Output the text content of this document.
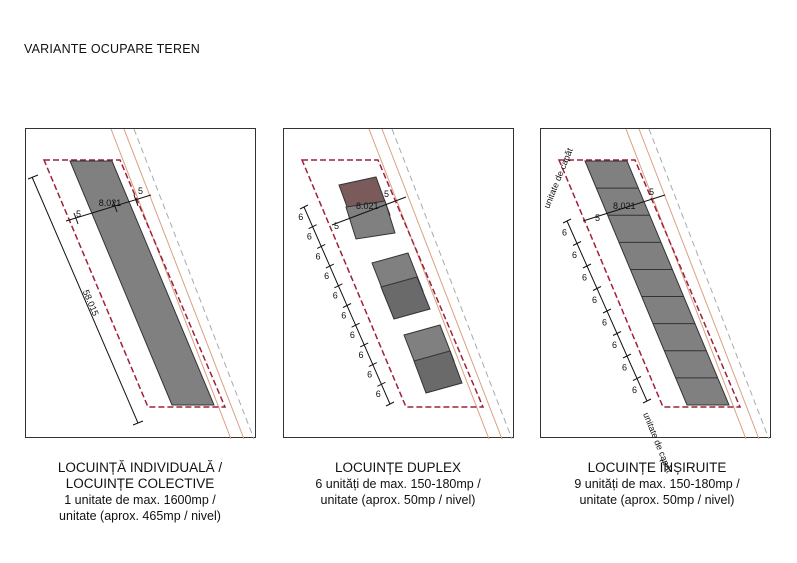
VARIANTE OCUPARE TEREN
58.015
8.021
5
5
8.021
5
5
6
6
6
6
6
6
6
6
6
6
8.021
5
5
6
6
6
6
6
6
6
6
unitate de capăt
unitate de capăt
LOCUINȚĂ INDIVIDUALĂ /
LOCUINȚE COLECTIVE
1 unitate de max. 1600mp /
unitate (aprox. 465mp / nivel)
LOCUINȚE DUPLEX
6 unități de max. 150-180mp /
unitate (aprox. 50mp / nivel)
LOCUINȚE ÎNȘIRUITE
9 unități de max. 150-180mp /
unitate (aprox. 50mp / nivel)
